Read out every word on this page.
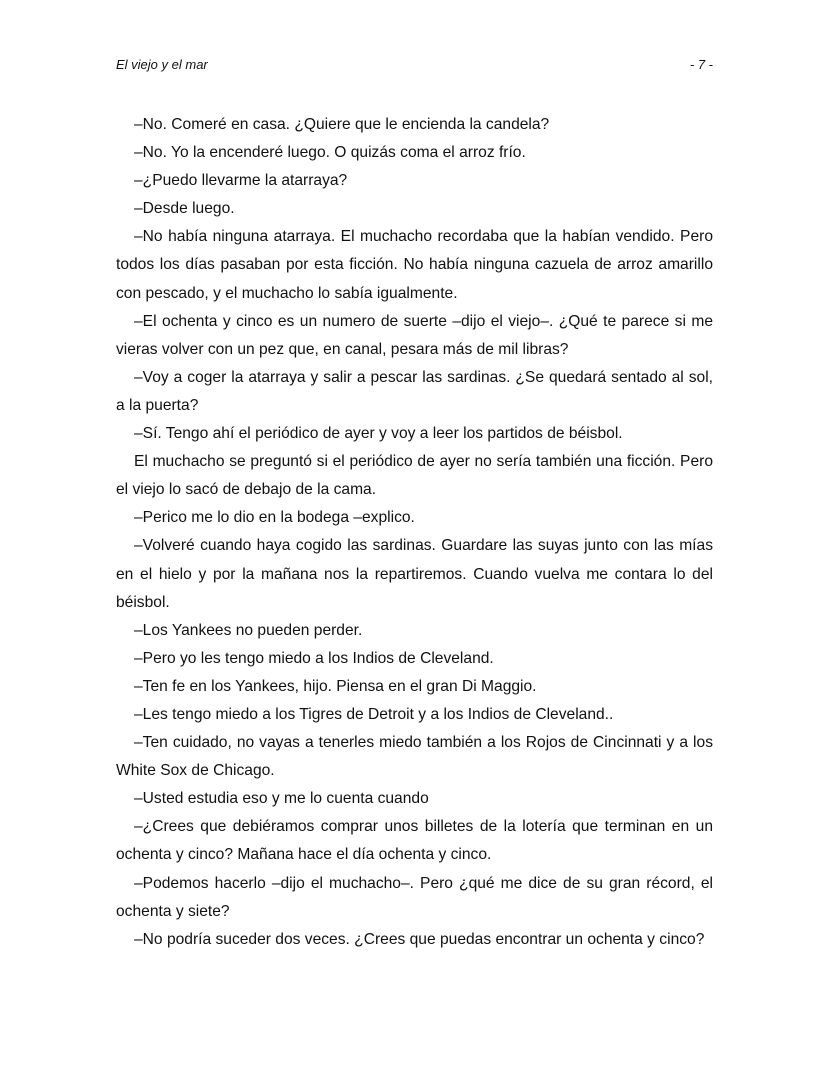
El viejo y el mar	- 7 -

–No. Comeré en casa. ¿Quiere que le encienda la candela?

–No. Yo la encenderé luego. O quizás coma el arroz frío.

–¿Puedo llevarme la atarraya?

–Desde luego.

–No había ninguna atarraya. El muchacho recordaba que la habían vendido. Pero todos los días pasaban por esta ficción. No había ninguna cazuela de arroz amarillo con pescado, y el muchacho lo sabía igualmente.

–El ochenta y cinco es un numero de suerte –dijo el viejo–. ¿Qué te parece si me vieras volver con un pez que, en canal, pesara más de mil libras?

–Voy a coger la atarraya y salir a pescar las sardinas. ¿Se quedará sentado al sol, a la puerta?

–Sí. Tengo ahí el periódico de ayer y voy a leer los partidos de béisbol.

El muchacho se preguntó si el periódico de ayer no sería también una ficción. Pero el viejo lo sacó de debajo de la cama.

–Perico me lo dio en la bodega –explico.

–Volveré cuando haya cogido las sardinas. Guardare las suyas junto con las mías en el hielo y por la mañana nos la repartiremos. Cuando vuelva me contara lo del béisbol.

–Los Yankees no pueden perder.

–Pero yo les tengo miedo a los Indios de Cleveland.

–Ten fe en los Yankees, hijo. Piensa en el gran Di Maggio.

–Les tengo miedo a los Tigres de Detroit y a los Indios de Cleveland..

–Ten cuidado, no vayas a tenerles miedo también a los Rojos de Cincinnati y a los White Sox de Chicago.

–Usted estudia eso y me lo cuenta cuando

–¿Crees que debiéramos comprar unos billetes de la lotería que terminan en un ochenta y cinco? Mañana hace el día ochenta y cinco.

–Podemos hacerlo –dijo el muchacho–. Pero ¿qué me dice de su gran récord, el ochenta y siete?

–No podría suceder dos veces. ¿Crees que puedas encontrar un ochenta y cinco?
